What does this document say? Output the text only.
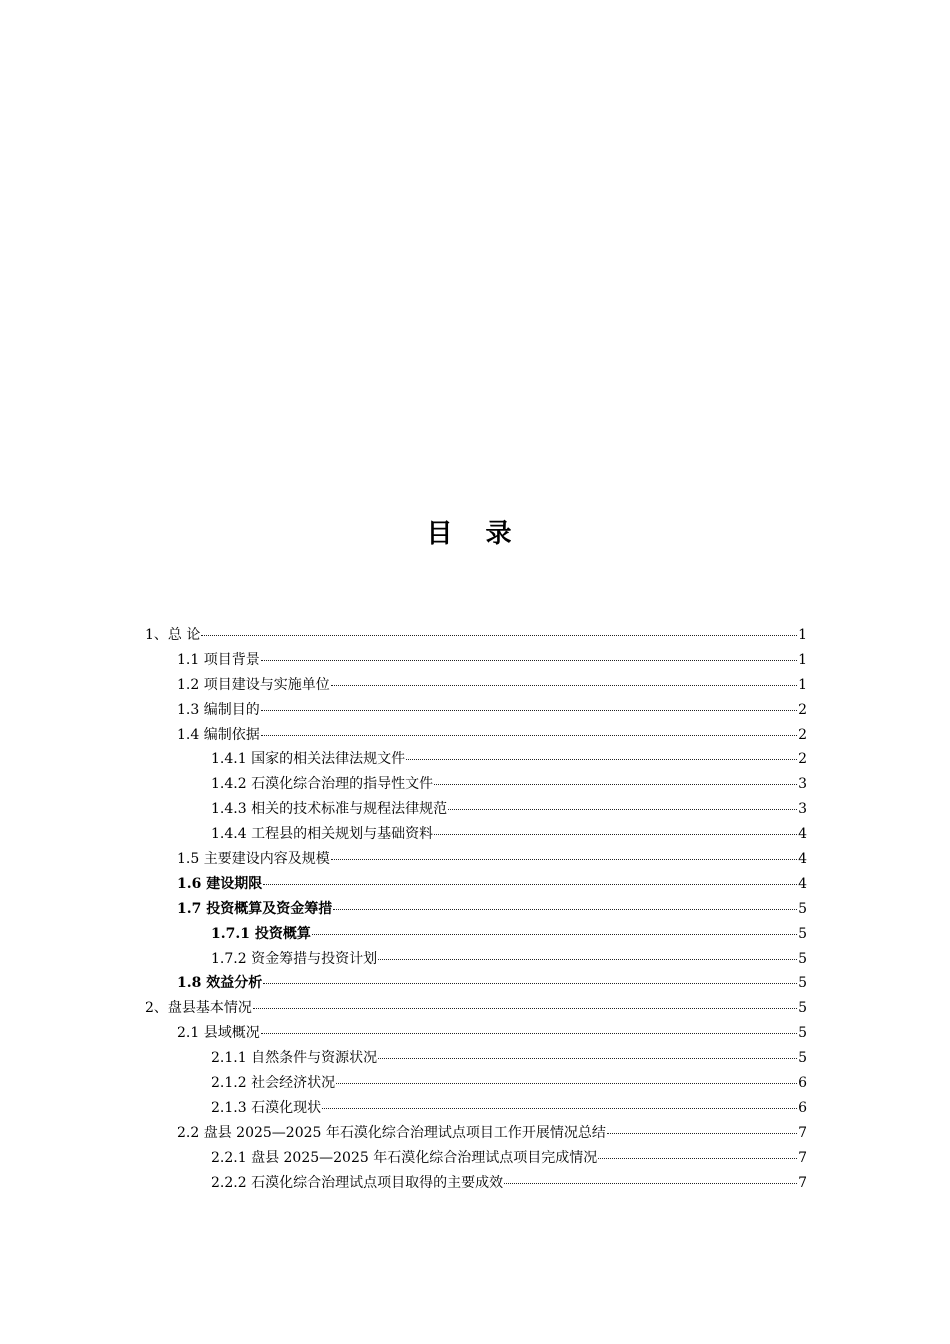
目 录
1、总 论	1
1.1 项目背景	1
1.2 项目建设与实施单位	1
1.3 编制目的	2
1.4 编制依据	2
1.4.1 国家的相关法律法规文件	2
1.4.2 石漠化综合治理的指导性文件	3
1.4.3 相关的技术标准与规程法律规范	3
1.4.4 工程县的相关规划与基础资料	4
1.5 主要建设内容及规模	4
1.6 建设期限	4
1.7 投资概算及资金筹措	5
1.7.1 投资概算	5
1.7.2 资金筹措与投资计划	5
1.8 效益分析	5
2、盘县基本情况	5
2.1 县域概况	5
2.1.1 自然条件与资源状况	5
2.1.2 社会经济状况	6
2.1.3 石漠化现状	6
2.2 盘县 2025—2025 年石漠化综合治理试点项目工作开展情况总结	7
2.2.1 盘县 2025—2025 年石漠化综合治理试点项目完成情况	7
2.2.2 石漠化综合治理试点项目取得的主要成效	7
